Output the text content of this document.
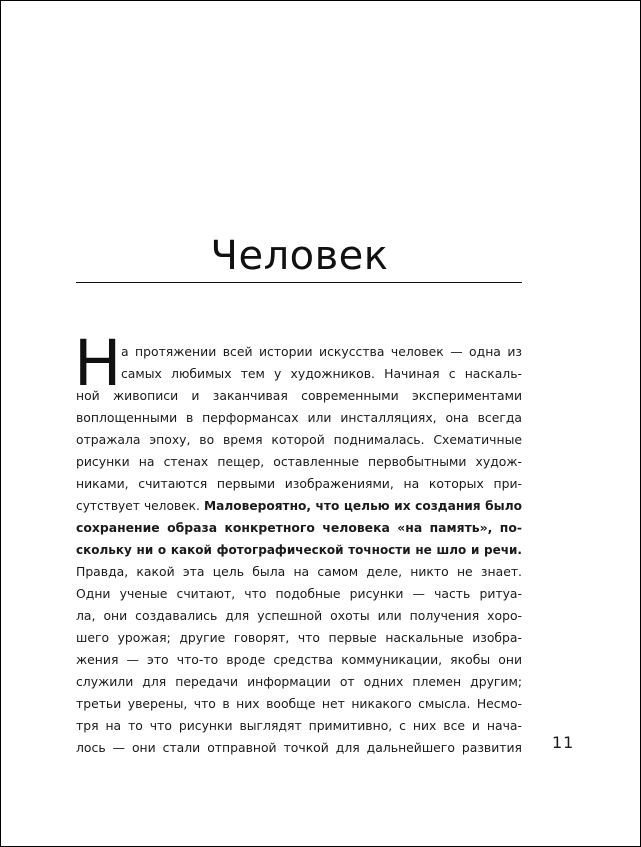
Человек
Н а протяжении всей истории искусства человек — одна из
самых любимых тем у художников. Начиная с наскаль-
ной живописи и заканчивая современными экспериментами
воплощенными в перформансах или инсталляциях, она всегда
отражала эпоху, во время которой поднималась. Схематичные
рисунки на стенах пещер, оставленные первобытными худож-
никами, считаются первыми изображениями, на которых при-
сутствует человек. Маловероятно, что целью их создания было
сохранение образа конкретного человека «на память», по-
скольку ни о какой фотографической точности не шло и речи.
Правда, какой эта цель была на самом деле, никто не знает.
Одни ученые считают, что подобные рисунки — часть ритуа-
ла, они создавались для успешной охоты или получения хоро-
шего урожая; другие говорят, что первые наскальные изобра-
жения — это что-то вроде средства коммуникации, якобы они
служили для передачи информации от одних племен другим;
третьи уверены, что в них вообще нет никакого смысла. Несмо-
тря на то что рисунки выглядят примитивно, с них все и нача-
лось — они стали отправной точкой для дальнейшего развития 11
